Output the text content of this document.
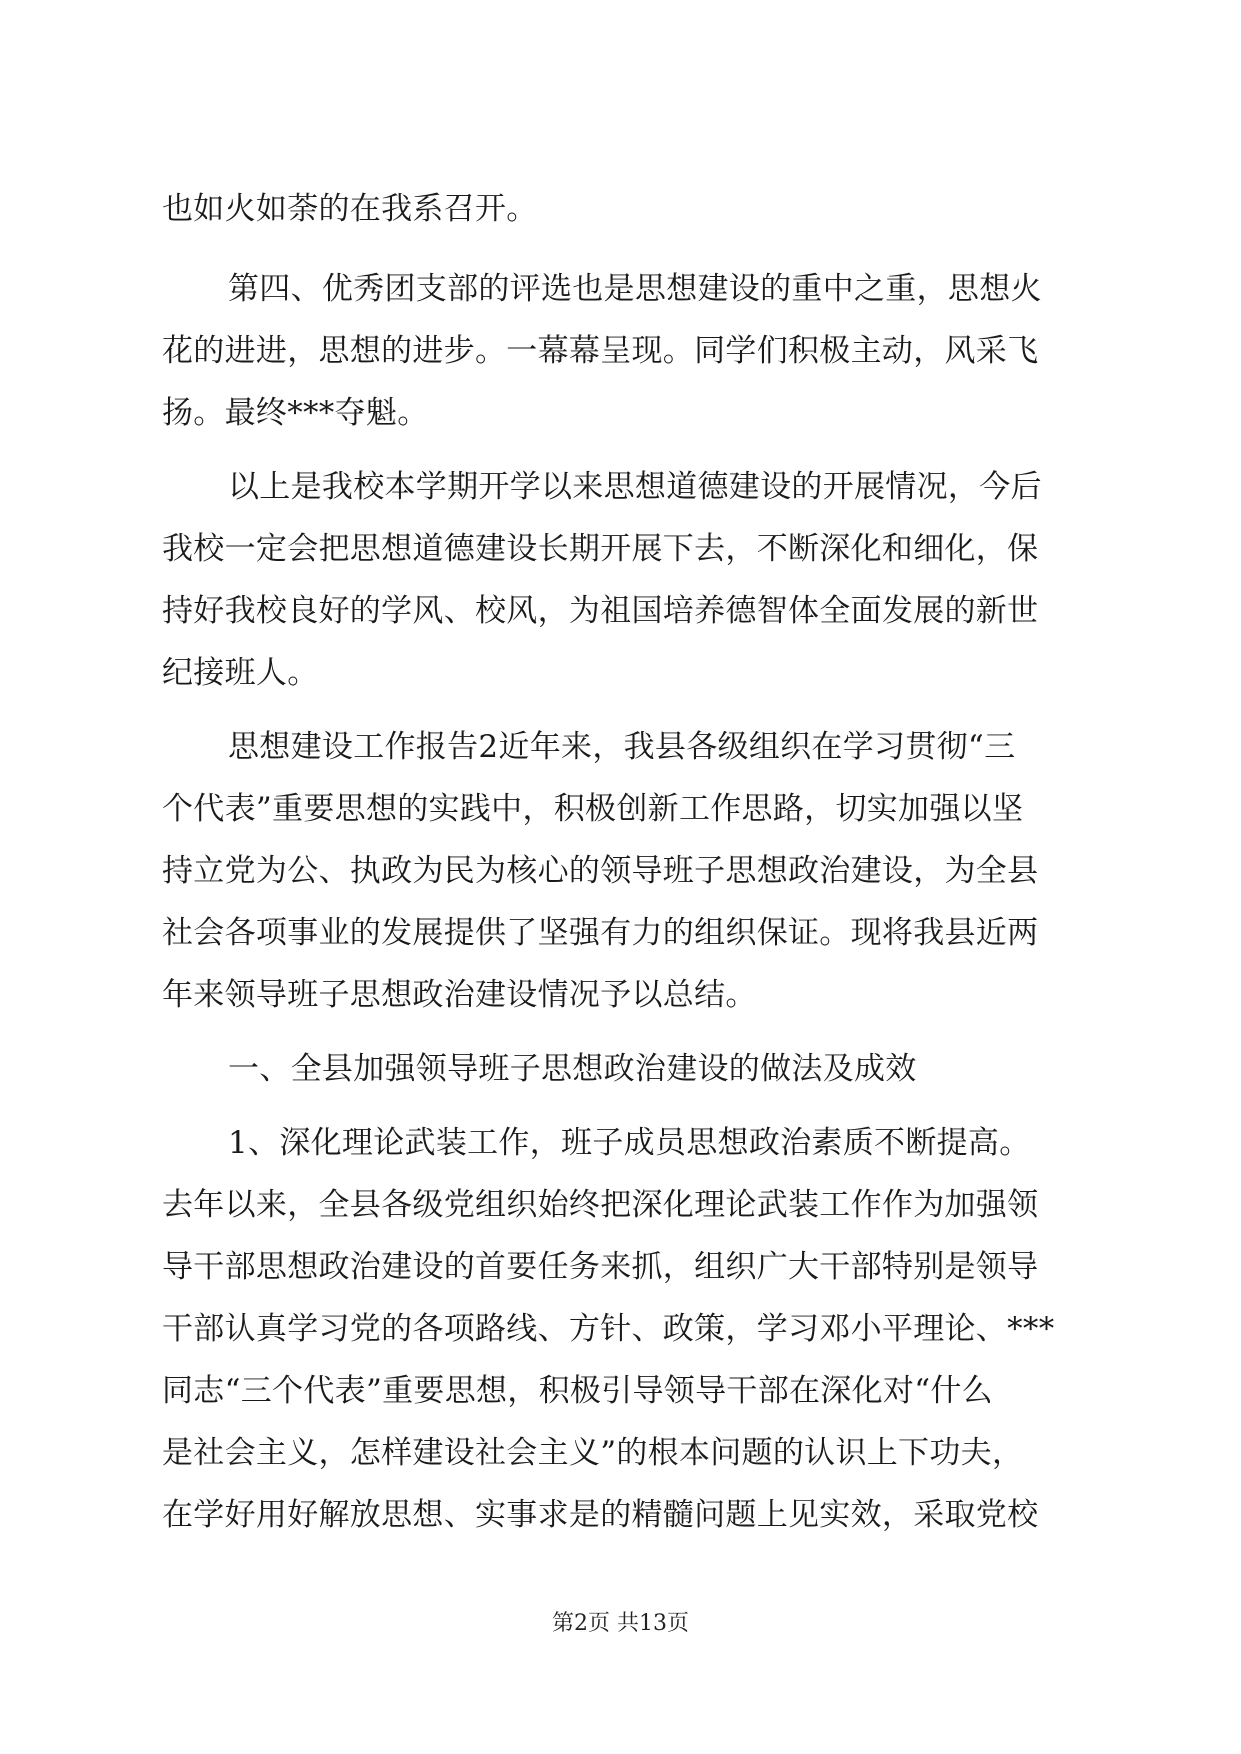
也如火如荼的在我系召开。
第四、优秀团支部的评选也是思想建设的重中之重，思想火
花的进进，思想的进步。一幕幕呈现。同学们积极主动，风采飞
扬。最终***夺魁。
以上是我校本学期开学以来思想道德建设的开展情况，今后
我校一定会把思想道德建设长期开展下去，不断深化和细化，保
持好我校良好的学风、校风，为祖国培养德智体全面发展的新世
纪接班人。
思想建设工作报告2近年来，我县各级组织在学习贯彻“三
个代表”重要思想的实践中，积极创新工作思路，切实加强以坚
持立党为公、执政为民为核心的领导班子思想政治建设，为全县
社会各项事业的发展提供了坚强有力的组织保证。现将我县近两
年来领导班子思想政治建设情况予以总结。
一、全县加强领导班子思想政治建设的做法及成效
1、深化理论武装工作，班子成员思想政治素质不断提高。
去年以来，全县各级党组织始终把深化理论武装工作作为加强领
导干部思想政治建设的首要任务来抓，组织广大干部特别是领导
干部认真学习党的各项路线、方针、政策，学习邓小平理论、***
同志“三个代表”重要思想，积极引导领导干部在深化对“什么
是社会主义，怎样建设社会主义”的根本问题的认识上下功夫，
在学好用好解放思想、实事求是的精髓问题上见实效，采取党校
第2页 共13页
